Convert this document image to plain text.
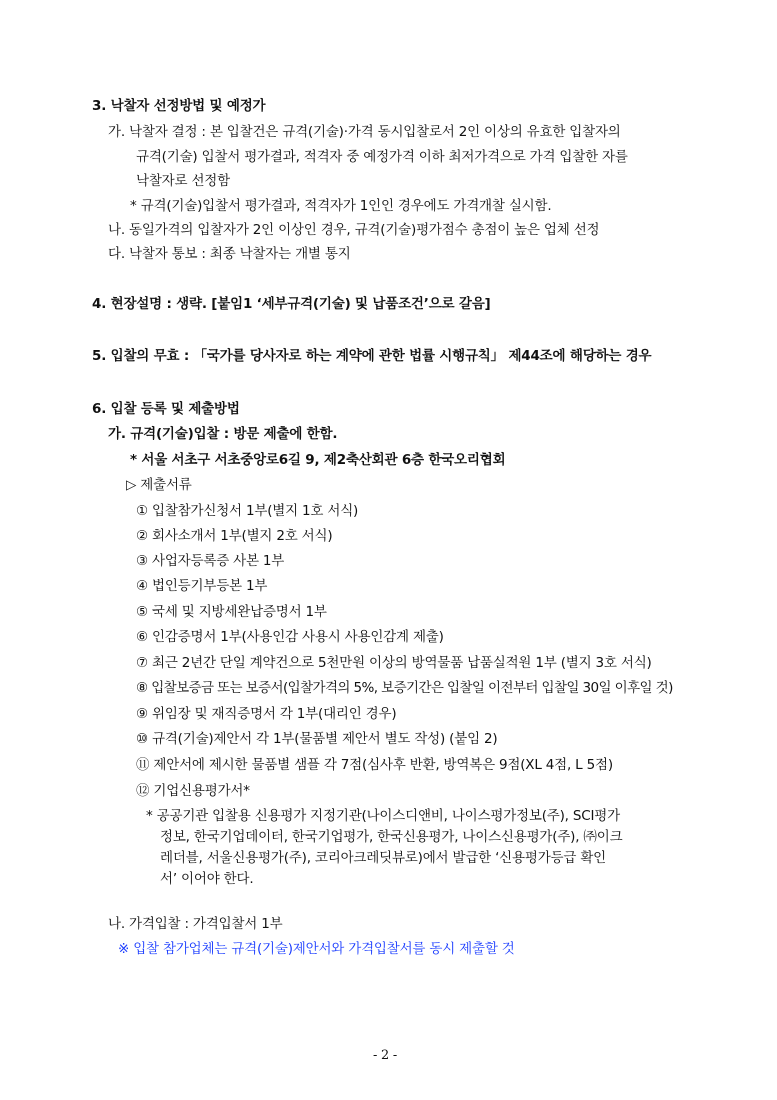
3. 낙찰자 선정방법 및 예정가
가. 낙찰자 결정 : 본 입찰건은 규격(기술)·가격 동시입찰로서 2인 이상의 유효한 입찰자의
규격(기술) 입찰서 평가결과, 적격자 중 예정가격 이하 최저가격으로 가격 입찰한 자를
낙찰자로 선정함
* 규격(기술)입찰서 평가결과, 적격자가 1인인 경우에도 가격개찰 실시함.
나. 동일가격의 입찰자가 2인 이상인 경우, 규격(기술)평가점수 총점이 높은 업체 선정
다. 낙찰자 통보 : 최종 낙찰자는 개별 통지
4. 현장설명 : 생략. [붙임1 ‘세부규격(기술) 및 납품조건’으로 갈음]
5. 입찰의 무효 : 「국가를 당사자로 하는 계약에 관한 법률 시행규칙」 제44조에 해당하는 경우
6. 입찰 등록 및 제출방법
가. 규격(기술)입찰 : 방문 제출에 한함.
* 서울 서초구 서초중앙로6길 9, 제2축산회관 6층 한국오리협회
▷ 제출서류
① 입찰참가신청서 1부(별지 1호 서식)
② 회사소개서 1부(별지 2호 서식)
③ 사업자등록증 사본 1부
④ 법인등기부등본 1부
⑤ 국세 및 지방세완납증명서 1부
⑥ 인감증명서 1부(사용인감 사용시 사용인감계 제출)
⑦ 최근 2년간 단일 계약건으로 5천만원 이상의 방역물품 납품실적원 1부 (별지 3호 서식)
⑧ 입찰보증금 또는 보증서(입찰가격의 5%, 보증기간은 입찰일 이전부터 입찰일 30일 이후일 것)
⑨ 위임장 및 재직증명서 각 1부(대리인 경우)
⑩ 규격(기술)제안서 각 1부(물품별 제안서 별도 작성) (붙임 2)
⑪ 제안서에 제시한 물품별 샘플 각 7점(심사후 반환, 방역복은 9점(XL 4점, L 5점)
⑫ 기업신용평가서*
* 공공기관 입찰용 신용평가 지정기관(나이스디앤비, 나이스평가정보(주), SCI평가
정보, 한국기업데이터, 한국기업평가, 한국신용평가, 나이스신용평가(주), ㈜이크
레더블, 서울신용평가(주), 코리아크레딧뷰로)에서 발급한 ‘신용평가등급 확인
서’ 이어야 한다.
나. 가격입찰 : 가격입찰서 1부
※ 입찰 참가업체는 규격(기술)제안서와 가격입찰서를 동시 제출할 것
- 2 -
